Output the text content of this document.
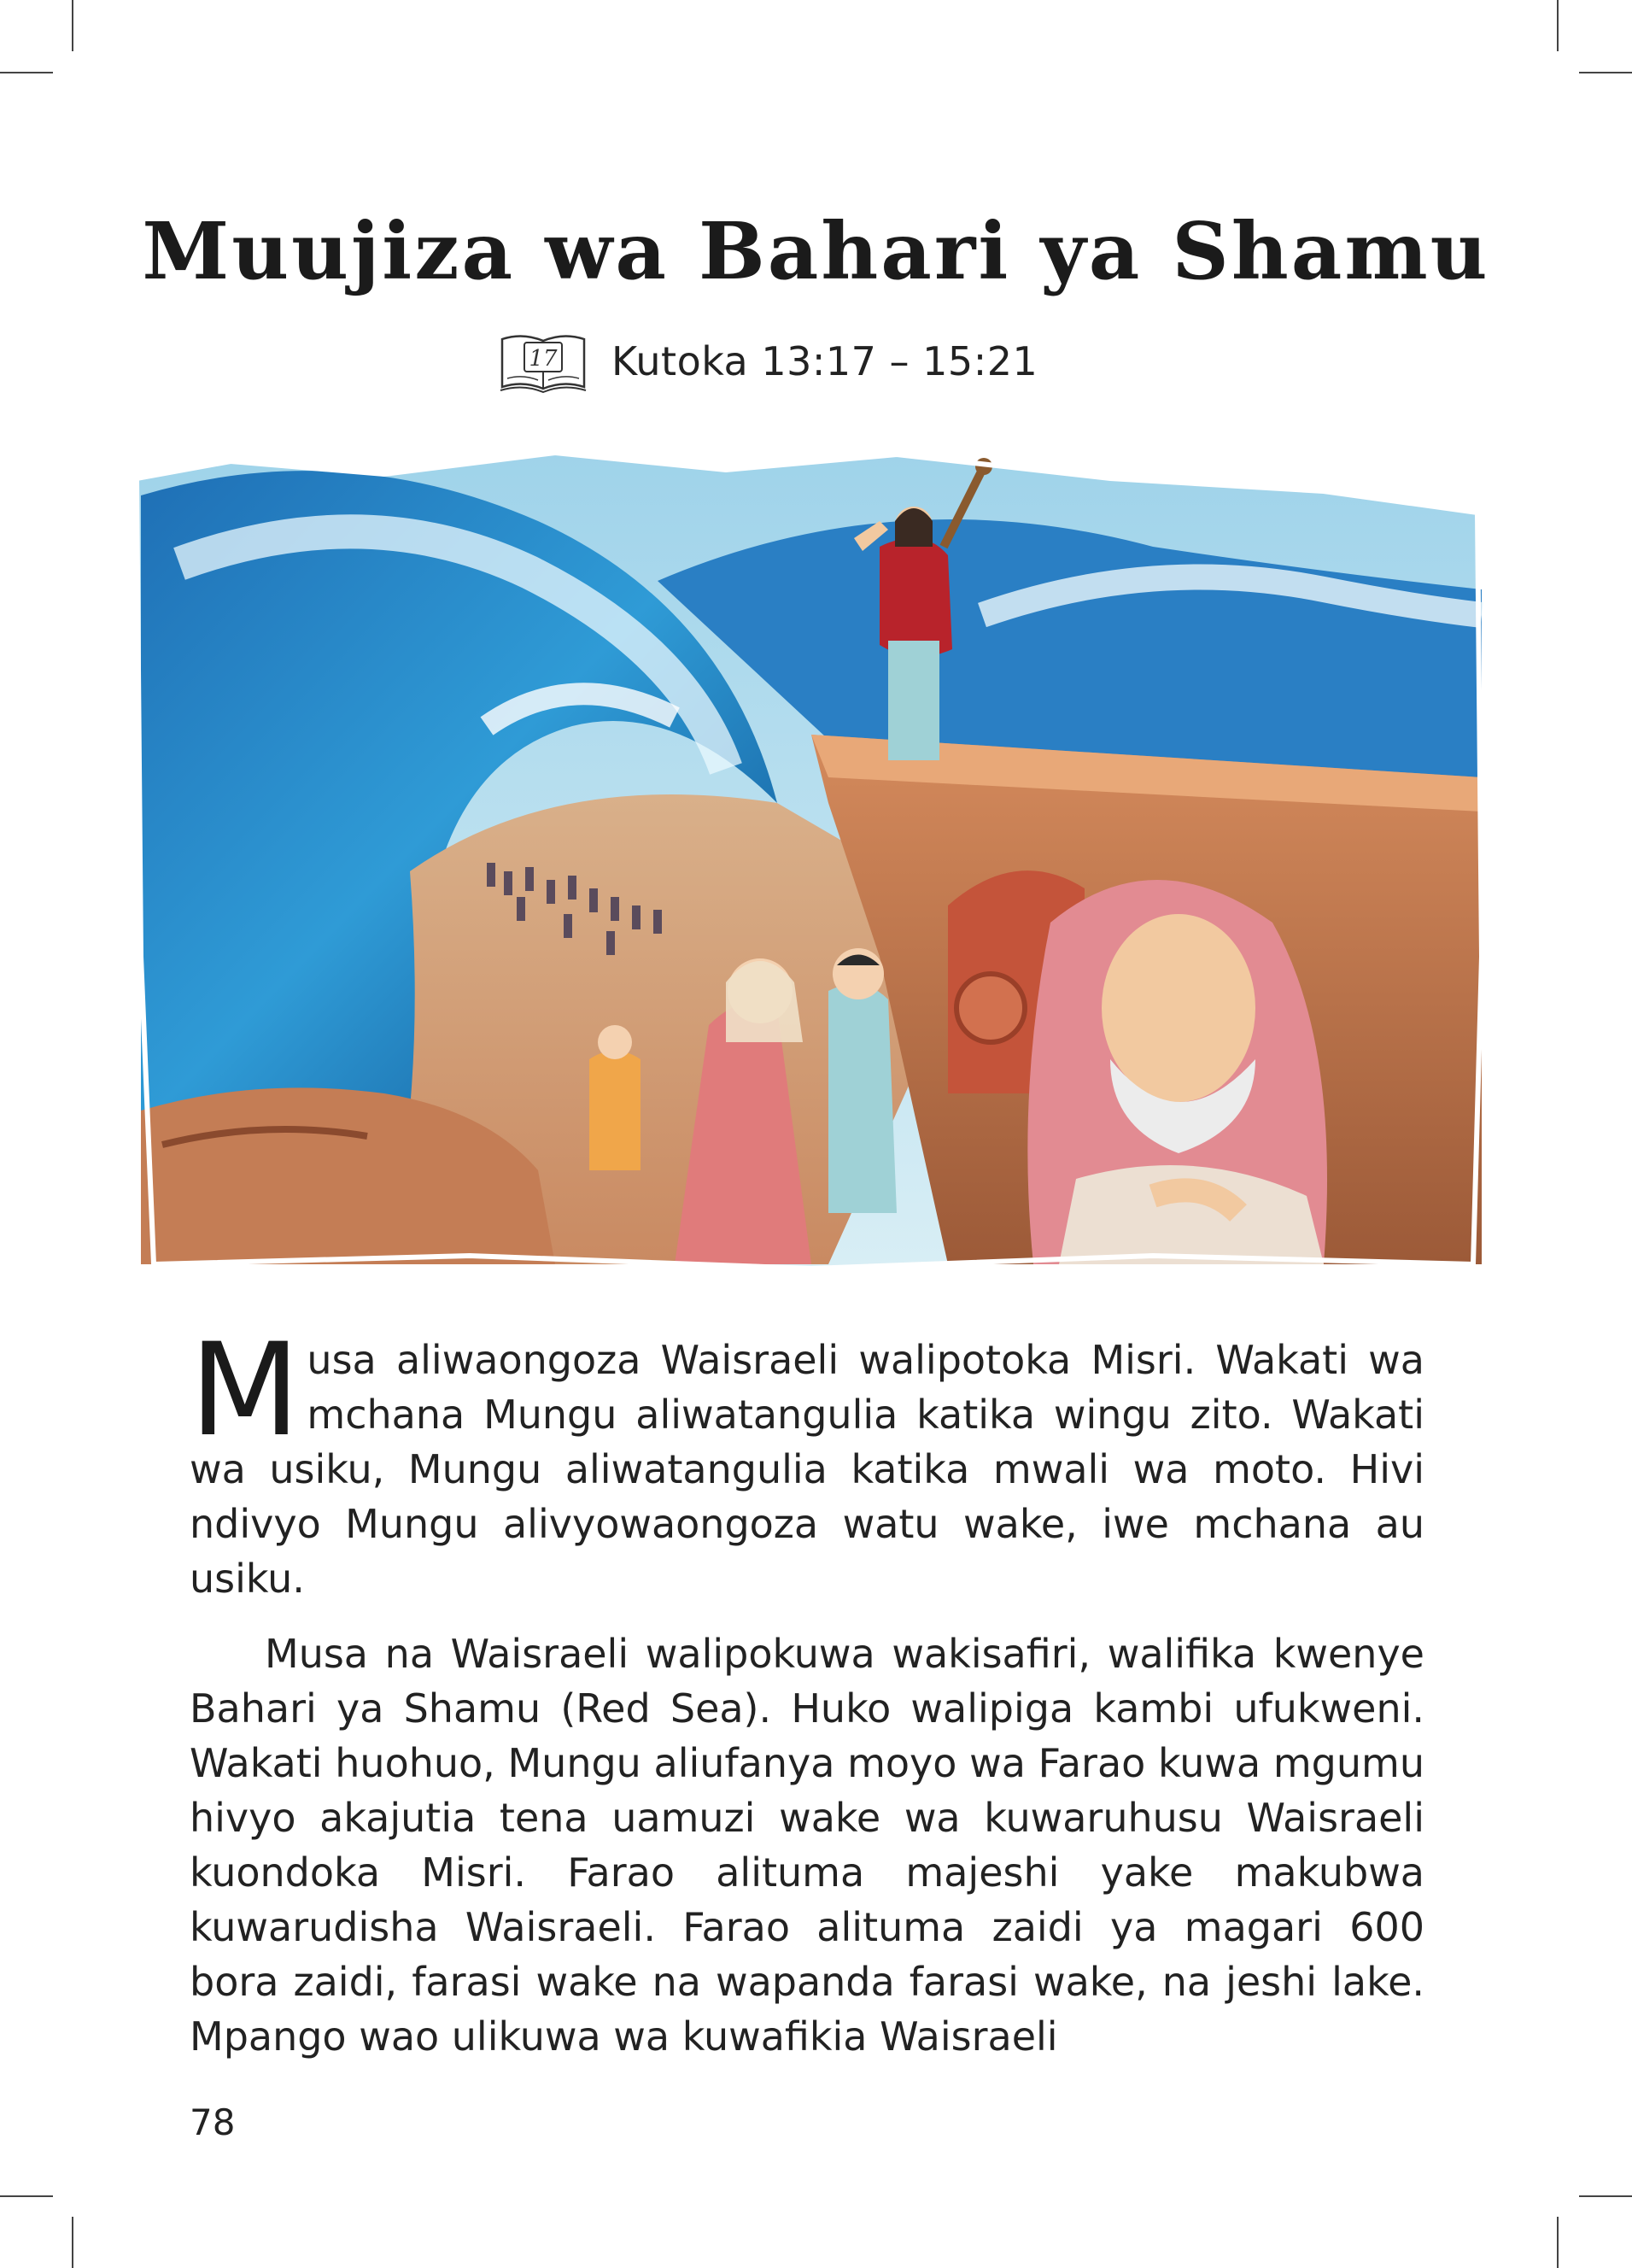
Muujiza wa Bahari ya Shamu
17 Kutoka 13:17 – 15:21
Musa aliwaongoza Waisraeli walipotoka Misri. Wakati wa mchana Mungu aliwatangulia katika wingu zito. Wakati wa usiku, Mungu aliwatangulia katika mwali wa moto. Hivi ndivyo Mungu alivyowaongoza watu wake, iwe mchana au usiku.
Musa na Waisraeli walipokuwa wakisafiri, walifika kwenye Bahari ya Shamu (Red Sea). Huko walipiga kambi ufukweni. Wakati huohuo, Mungu aliufanya moyo wa Farao kuwa mgumu hivyo akajutia tena uamuzi wake wa kuwaruhusu Waisraeli kuondoka Misri. Farao alituma majeshi yake makubwa kuwarudisha Waisraeli. Farao alituma zaidi ya magari 600 bora zaidi, farasi wake na wapanda farasi wake, na jeshi lake. Mpango wao ulikuwa wa kuwafikia Waisraeli
78
